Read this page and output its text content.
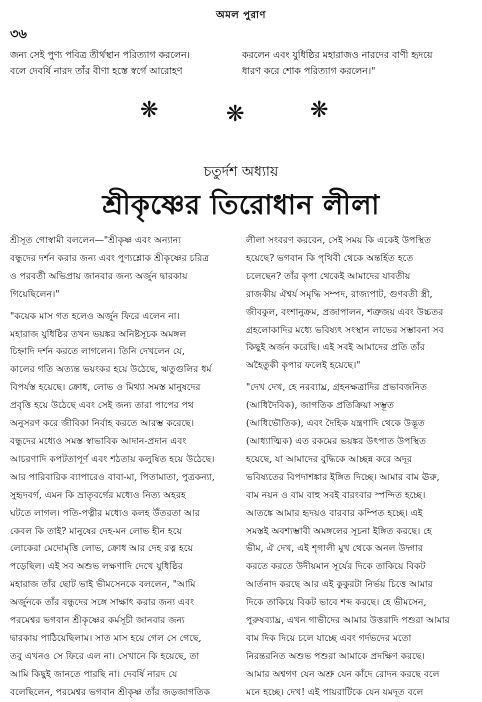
অমল পুরাণ
৩৬
জন্য সেই পুণ্য পবিত্র তীর্থস্থান পরিত্যাগ করলেন।
বলে দেবর্ষি নারদ তাঁর বীণা হস্তে স্বর্গে আরোহণ
করলেন এবং যুধিষ্ঠির মহারাজও নারদের বাণী হৃদয়ে
ধারণ করে শোক পরিত্যাগ করলেন।"
❋	❋	❋
চতুর্দশ অধ্যায়
শ্রীকৃষ্ণের তিরোধান লীলা
শ্রীসূত গোস্বামী বললেন—"শ্রীকৃষ্ণ এবং অন্যান্য
বন্ধুদের দর্শন করার জন্য এবং পুণ্যশ্লোক শ্রীকৃষ্ণের চরিত্র
ও পরবর্তী অভিপ্রায় জানবার জন্য অর্জুন দ্বারকায়
গিয়েছিলেন।"
"কয়েক মাস গত হলেও অর্জুন ফিরে এলেন না।
মহারাজ যুধিষ্ঠির তখন ভয়ঙ্কর অনিষ্টসূচক অমঙ্গল
চিহ্নাদি দর্শন করতে লাগলেন। তিনি দেখলেন যে,
কালের গতি অত্যন্ত ভয়ংকর হয়ে উঠেছে, ঋতুগুলির ধর্ম
বিপর্যস্ত হয়েছে। ক্রোধ, লোভ ও মিথ্যা সমস্ত মানুষদের
প্রবৃত্তি হয়ে উঠেছে এবং সেই জন্য তারা পাপের পথ
অনুসরণ করে জীবিকা নির্বাহ করতে আরম্ভ করেছে।
বন্ধুদের মধ্যেও সমস্ত স্বাভাবিক আদান-প্রদান এবং
আচরণাদি কপটতাপূর্ণ এবং শঠতায় কলুষিত হয়ে উঠেছে।
আর পারিবারিক ব্যাপারেও বাবা-মা, পিতামাতা, পুত্রকন্যা,
সুহৃদবর্গ, এমন কি ভ্রাতৃবর্গের মধ্যেও নিত্য অহরহ
ঘটতে লাগল। পতি-পত্নীর মধ্যেও কলহ উঁতরতা আর
কেবল কি তাই? মানুষের দেহ-মন লোভ হীন হয়ে
লোকেরা মেদোমৃত্তি লোভ, ক্রোধ আর দেহ রত্ন হয়ে
পড়েছিল। এই সব অশুভ লক্ষণাদি দেখে যুধিষ্ঠির
মহারাজ তাঁর ছোট ভাই ভীমসেনকে বললেন, "আমি
অর্জুনকে তাঁর বন্ধুদের সঙ্গে সাক্ষাৎ করার জন্য এবং
পরমেশ্বর ভগবান শ্রীকৃষ্ণের কর্মসূচী জানবার জন্য
দ্বারকায় পাঠিয়েছিলাম। সাত মাস হয়ে গেল সে গেছে,
তবু এখনও সে ফিরে এল না। সেখানে কি হয়েছে, তা
আমি কিছুই জানতে পারছি না। দেবর্ষি নারদ যে
বলেছিলেন, পরমেশ্বর ভগবান শ্রীকৃষ্ণ তাঁর জড়জাগতিক
লীলা সংবরণ করবেন, সেই সময় কি একেই উপস্থিত
হয়েছে? ভগবান কি পৃথিবী থেকে অন্তর্হিত হতে
চলেছেন? তাঁর কৃপা থেকেই আমাদের যাবতীয়
রাজকীয় ঐশ্বর্য সমৃদ্ধি সম্পদ, রাজ্যপাট, গুণবতী স্ত্রী,
জীবকুল, বংশানুক্রম, প্রজাপালন, শত্রুজয় এবং উচ্চতর
গ্রহলোকাদির মধ্যে ভবিষ্যৎ সংস্থান লাভের সম্ভাবনা সব
কিছুই অর্জন করেছি। এই সবই আমাদের প্রতি তাঁর
অহৈতুকী কৃপার ফলেই হয়েছে।"
"দেখ দেখ, হে নরব্যাঘ্র, গ্রহনক্ষত্রাদির প্রভাবজনিত
(আধিদৈবিক), জাগতিক প্রতিক্রিয়া সম্ভূত
(আধিভৌতিক), এবং দৈহিক যন্ত্রণাদি থেকে উদ্ভূত
(আধ্যাত্মিক) এত রকমের ভয়ঙ্কর উৎপাত উপস্থিত
হয়েছে, যা আমাদের বুদ্ধিকে আচ্ছন্ন করে অদূর
ভবিষ্যতের বিপদাশঙ্কার ইঙ্গিত দিচ্ছে। আমার বাম ঊরু,
বাম নয়ন ও বাম বাহু সবই বারংবার স্পন্দিত হচ্ছে।
আতঙ্কে আমার হৃদয়ও বারবার কম্পিত হচ্ছে। এই
সমস্তই অবশ্যম্ভাবী অমঙ্গলের সূচনা ইঙ্গিত করছে। হে
ভীম, ঐ দেখ, এই শৃগালী মুখ থেকে অনল উদ্গার
করতে করতে উদীয়মান সূর্যের দিকে তাকিয়ে বিকট
আর্তনাদ করছে আর এই কুকুরটা নির্ভয় চিত্তে আমার
দিকে তাকিয়ে বিকট ভাবে শব্দ করছে। হে ভীমসেন,
পুরুষব্যাঘ্র, এখন গাভীদের আমার উত্তরাদি পশুরা আমার
বাম দিক দিয়ে চলে যাচ্ছে এবং গর্দভদের মতো
নিরন্তরনিত অশুভ পশুরা আমাকে প্রদক্ষিণ করছে।
আমার অশ্বগণ যেন অশ্রু যেন কাঁদে রোদন করছে বলে
মনে হচ্ছে। দেখ! এই পায়রাটিকে যেন যমদূত বলে
